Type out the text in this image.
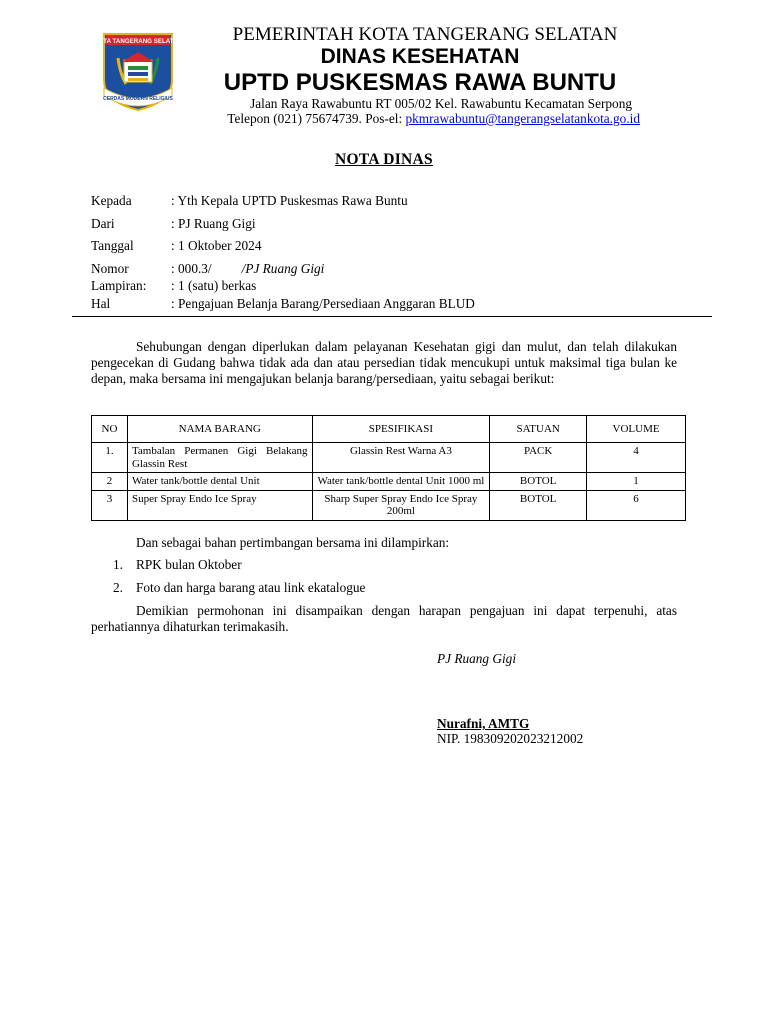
KOTA TANGERANG SELATAN
CERDAS MODERN RELIGIUS
PEMERINTAH KOTA TANGERANG SELATAN
DINAS KESEHATAN
UPTD PUSKESMAS RAWA BUNTU
Jalan Raya Rawabuntu RT 005/02 Kel. Rawabuntu Kecamatan Serpong
Telepon (021) 75674739. Pos-el: pkmrawabuntu@tangerangselatankota.go.id
NOTA DINAS
Kepada	: Yth Kepala UPTD Puskesmas Rawa Buntu
Dari	: PJ Ruang Gigi
Tanggal	: 1 Oktober 2024
Nomor	: 000.3/ /PJ Ruang Gigi
Lampiran: : 1 (satu) berkas
Hal	: Pengajuan Belanja Barang/Persediaan Anggaran BLUD
Sehubungan dengan diperlukan dalam pelayanan Kesehatan gigi dan mulut, dan telah dilakukan pengecekan di Gudang bahwa tidak ada dan atau persedian tidak mencukupi untuk maksimal tiga bulan ke depan, maka bersama ini mengajukan belanja barang/persediaan, yaitu sebagai berikut:
NO	NAMA BARANG	SPESIFIKASI	SATUAN	VOLUME
1.	Tambalan Permanen Gigi Belakang Glassin Rest	Glassin Rest Warna A3	PACK	4
2	Water tank/bottle dental Unit	Water tank/bottle dental Unit 1000 ml	BOTOL	1
3	Super Spray Endo Ice Spray	Sharp Super Spray Endo Ice Spray 200ml	BOTOL	6
Dan sebagai bahan pertimbangan bersama ini dilampirkan:
1. RPK bulan Oktober
2. Foto dan harga barang atau link ekatalogue
Demikian permohonan ini disampaikan dengan harapan pengajuan ini dapat terpenuhi, atas perhatiannya dihaturkan terimakasih.
PJ Ruang Gigi
Nurafni, AMTG
NIP. 198309202023212002
